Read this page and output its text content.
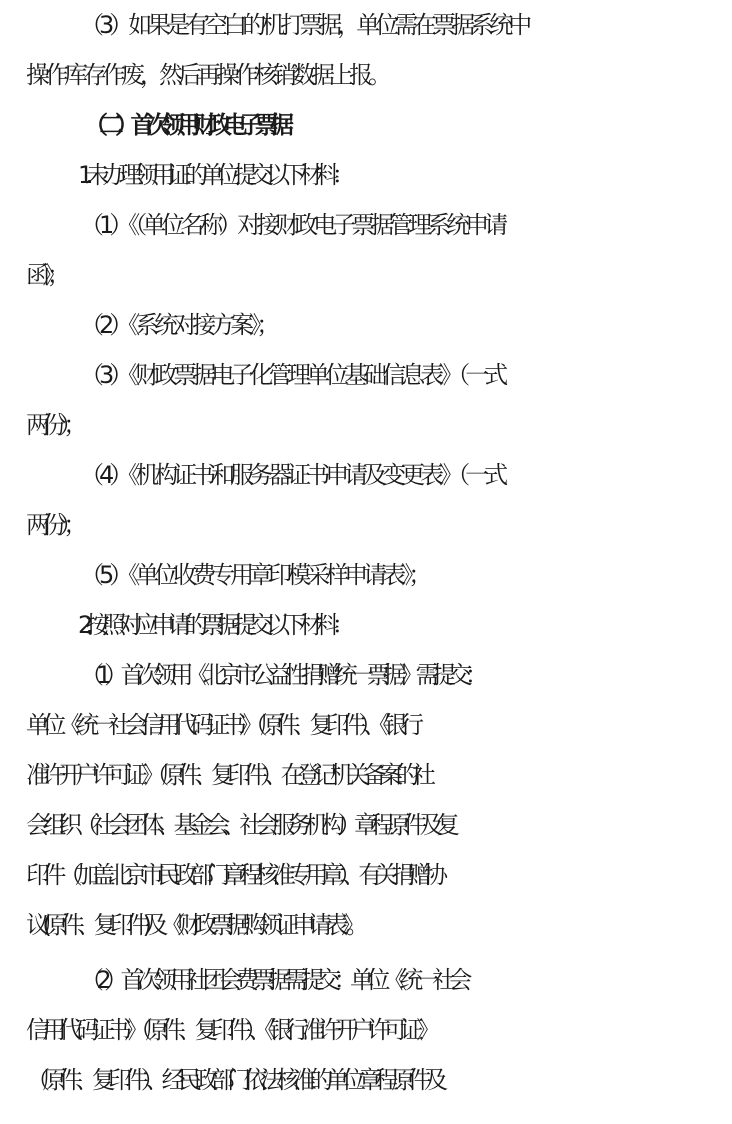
（3）如果是有空白的机打票据，单位需在票据系统中
操作库存作废，然后再操作核销数据上报。
（二）首次领用财政电子票据
1.未办理领用证的单位提交以下材料：
（1）《（单位名称）对接财政电子票据管理系统申请
函》；
（2）《系统对接方案》；
（3）《财政票据电子化管理单位基础信息表》（一式
两份）；
（4）《机构证书和服务器证书申请及变更表》（一式
两份）；
（5）《单位收费专用章印模采样申请表》；
2.按照对应申请的票据提交以下材料：
（1）首次领用《北京市公益性捐赠统一票据》需提交：
单位《统一社会信用代码证书》（原件、复印件）、《银行
准许开户许可证》（原件、复印件）、在登记机关备案的社
会组织（社会团体、基金会、社会服务机构）章程原件及复
印件（加盖北京市民政部门章程核准专用章）、有关捐赠协
议(原件、复印件)及《财政票据购领证申请表》。
（2）首次领用社团会费票据需提交：单位《统一社会
信用代码证书》（原件、复印件）、《银行准许开户许可证》
（原件、复印件）、经民政部门依法核准的单位章程原件及
